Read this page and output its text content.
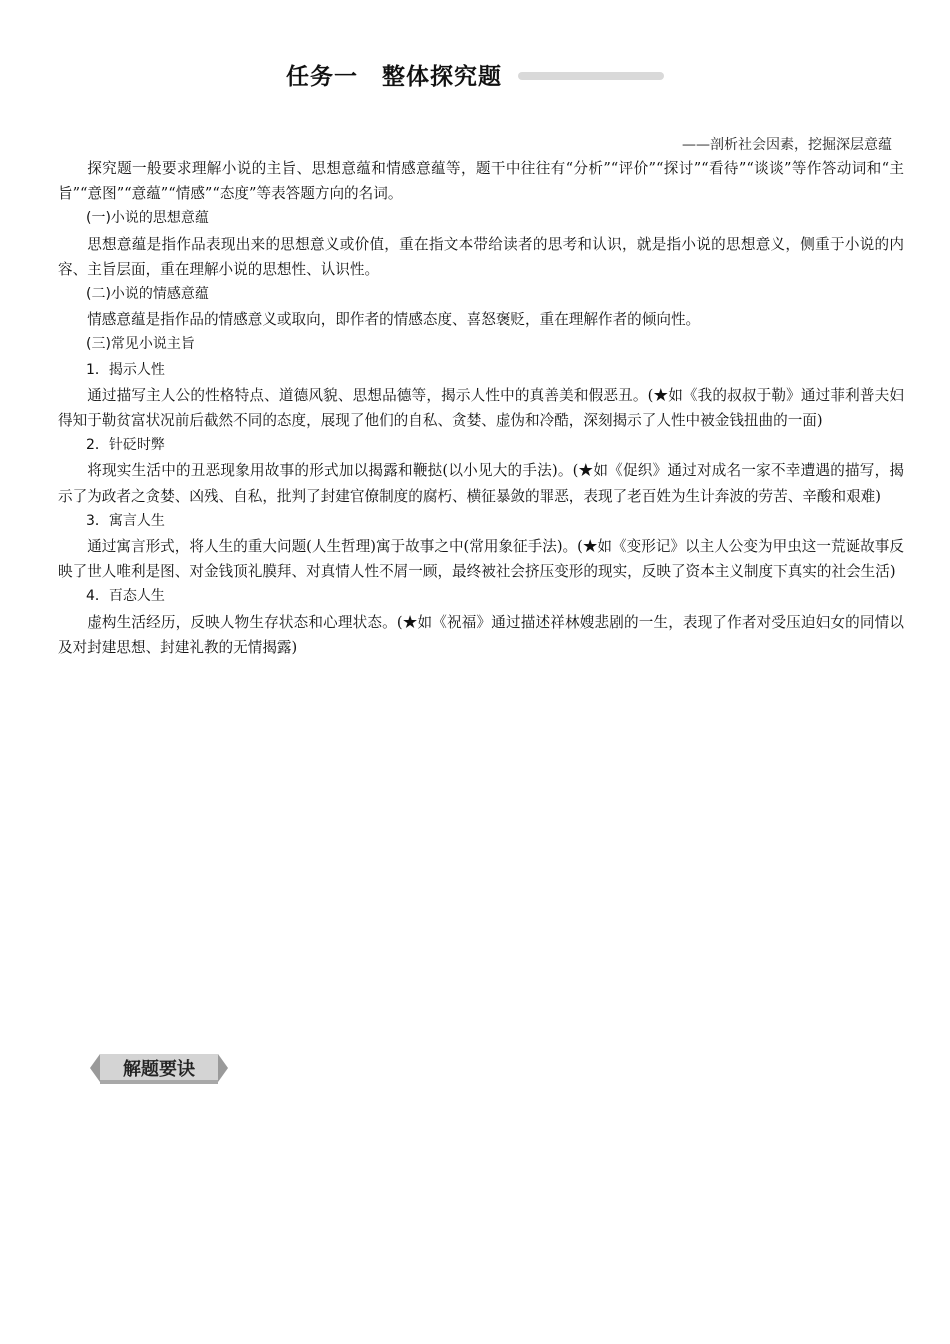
任务一　整体探究题
——剖析社会因素，挖掘深层意蕴

探究题一般要求理解小说的主旨、思想意蕴和情感意蕴等，题干中往往有“分析”“评价”“探讨”“看待”“谈谈”等作答动词和“主旨”“意图”“意蕴”“情感”“态度”等表答题方向的名词。

(一)小说的思想意蕴

思想意蕴是指作品表现出来的思想意义或价值，重在指文本带给读者的思考和认识，就是指小说的思想意义，侧重于小说的内容、主旨层面，重在理解小说的思想性、认识性。

(二)小说的情感意蕴

情感意蕴是指作品的情感意义或取向，即作者的情感态度、喜怒褒贬，重在理解作者的倾向性。

(三)常见小说主旨

1．揭示人性

通过描写主人公的性格特点、道德风貌、思想品德等，揭示人性中的真善美和假恶丑。(★如《我的叔叔于勒》通过菲利普夫妇得知于勒贫富状况前后截然不同的态度，展现了他们的自私、贪婪、虚伪和冷酷，深刻揭示了人性中被金钱扭曲的一面)

2．针砭时弊

将现实生活中的丑恶现象用故事的形式加以揭露和鞭挞(以小见大的手法)。(★如《促织》通过对成名一家不幸遭遇的描写，揭示了为政者之贪婪、凶残、自私，批判了封建官僚制度的腐朽、横征暴敛的罪恶，表现了老百姓为生计奔波的劳苦、辛酸和艰难)

3．寓言人生

通过寓言形式，将人生的重大问题(人生哲理)寓于故事之中(常用象征手法)。(★如《变形记》以主人公变为甲虫这一荒诞故事反映了世人唯利是图、对金钱顶礼膜拜、对真情人性不屑一顾，最终被社会挤压变形的现实，反映了资本主义制度下真实的社会生活)

4．百态人生

虚构生活经历，反映人物生存状态和心理状态。(★如《祝福》通过描述祥林嫂悲剧的一生，表现了作者对受压迫妇女的同情以及对封建思想、封建礼教的无情揭露)

解题要诀
